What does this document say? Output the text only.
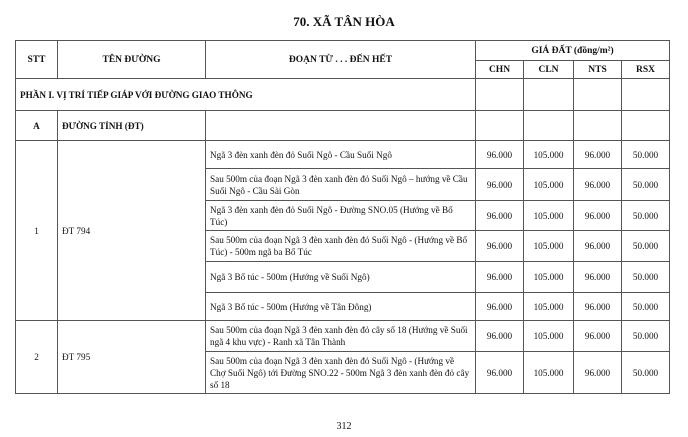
70. XÃ TÂN HÒA
STT	TÊN ĐƯỜNG	ĐOẠN TỪ . . . ĐẾN HẾT	GIÁ ĐẤT (đồng/m²)			
			CHN	CLN	NTS	RSX
PHẦN I. VỊ TRÍ TIẾP GIÁP VỚI ĐƯỜNG GIAO THÔNG						
A	ĐƯỜNG TỈNH (ĐT)					
1	ĐT 794	Ngã 3 đèn xanh đèn đỏ Suối Ngô - Cầu Suối Ngô	96.000	105.000	96.000	50.000
		Sau 500m của đoạn Ngã 3 đèn xanh đèn đỏ Suối Ngô – hướng về Cầu Suối Ngô - Cầu Sài Gòn	96.000	105.000	96.000	50.000
		Ngã 3 đèn xanh đèn đỏ Suối Ngô - Đường SNO.05 (Hướng về Bổ Túc)	96.000	105.000	96.000	50.000
		Sau 500m của đoạn Ngã 3 đèn xanh đèn đỏ Suối Ngô - (Hướng về Bổ Túc) - 500m ngã ba Bổ Túc	96.000	105.000	96.000	50.000
		Ngã 3 Bổ túc - 500m (Hướng về Suối Ngô)	96.000	105.000	96.000	50.000
		Ngã 3 Bổ túc - 500m (Hướng về Tân Đông)	96.000	105.000	96.000	50.000
2	ĐT 795	Sau 500m của đoạn Ngã 3 đèn xanh đèn đỏ cây số 18 (Hướng về Suối ngã 4 khu vực) - Ranh xã Tân Thành	96.000	105.000	96.000	50.000
		Sau 500m của đoạn Ngã 3 đèn xanh đèn đỏ Suối Ngô - (Hướng về Chợ Suối Ngô) tới Đường SNO.22 - 500m Ngã 3 đèn xanh đèn đỏ cây số 18	96.000	105.000	96.000	50.000
312
